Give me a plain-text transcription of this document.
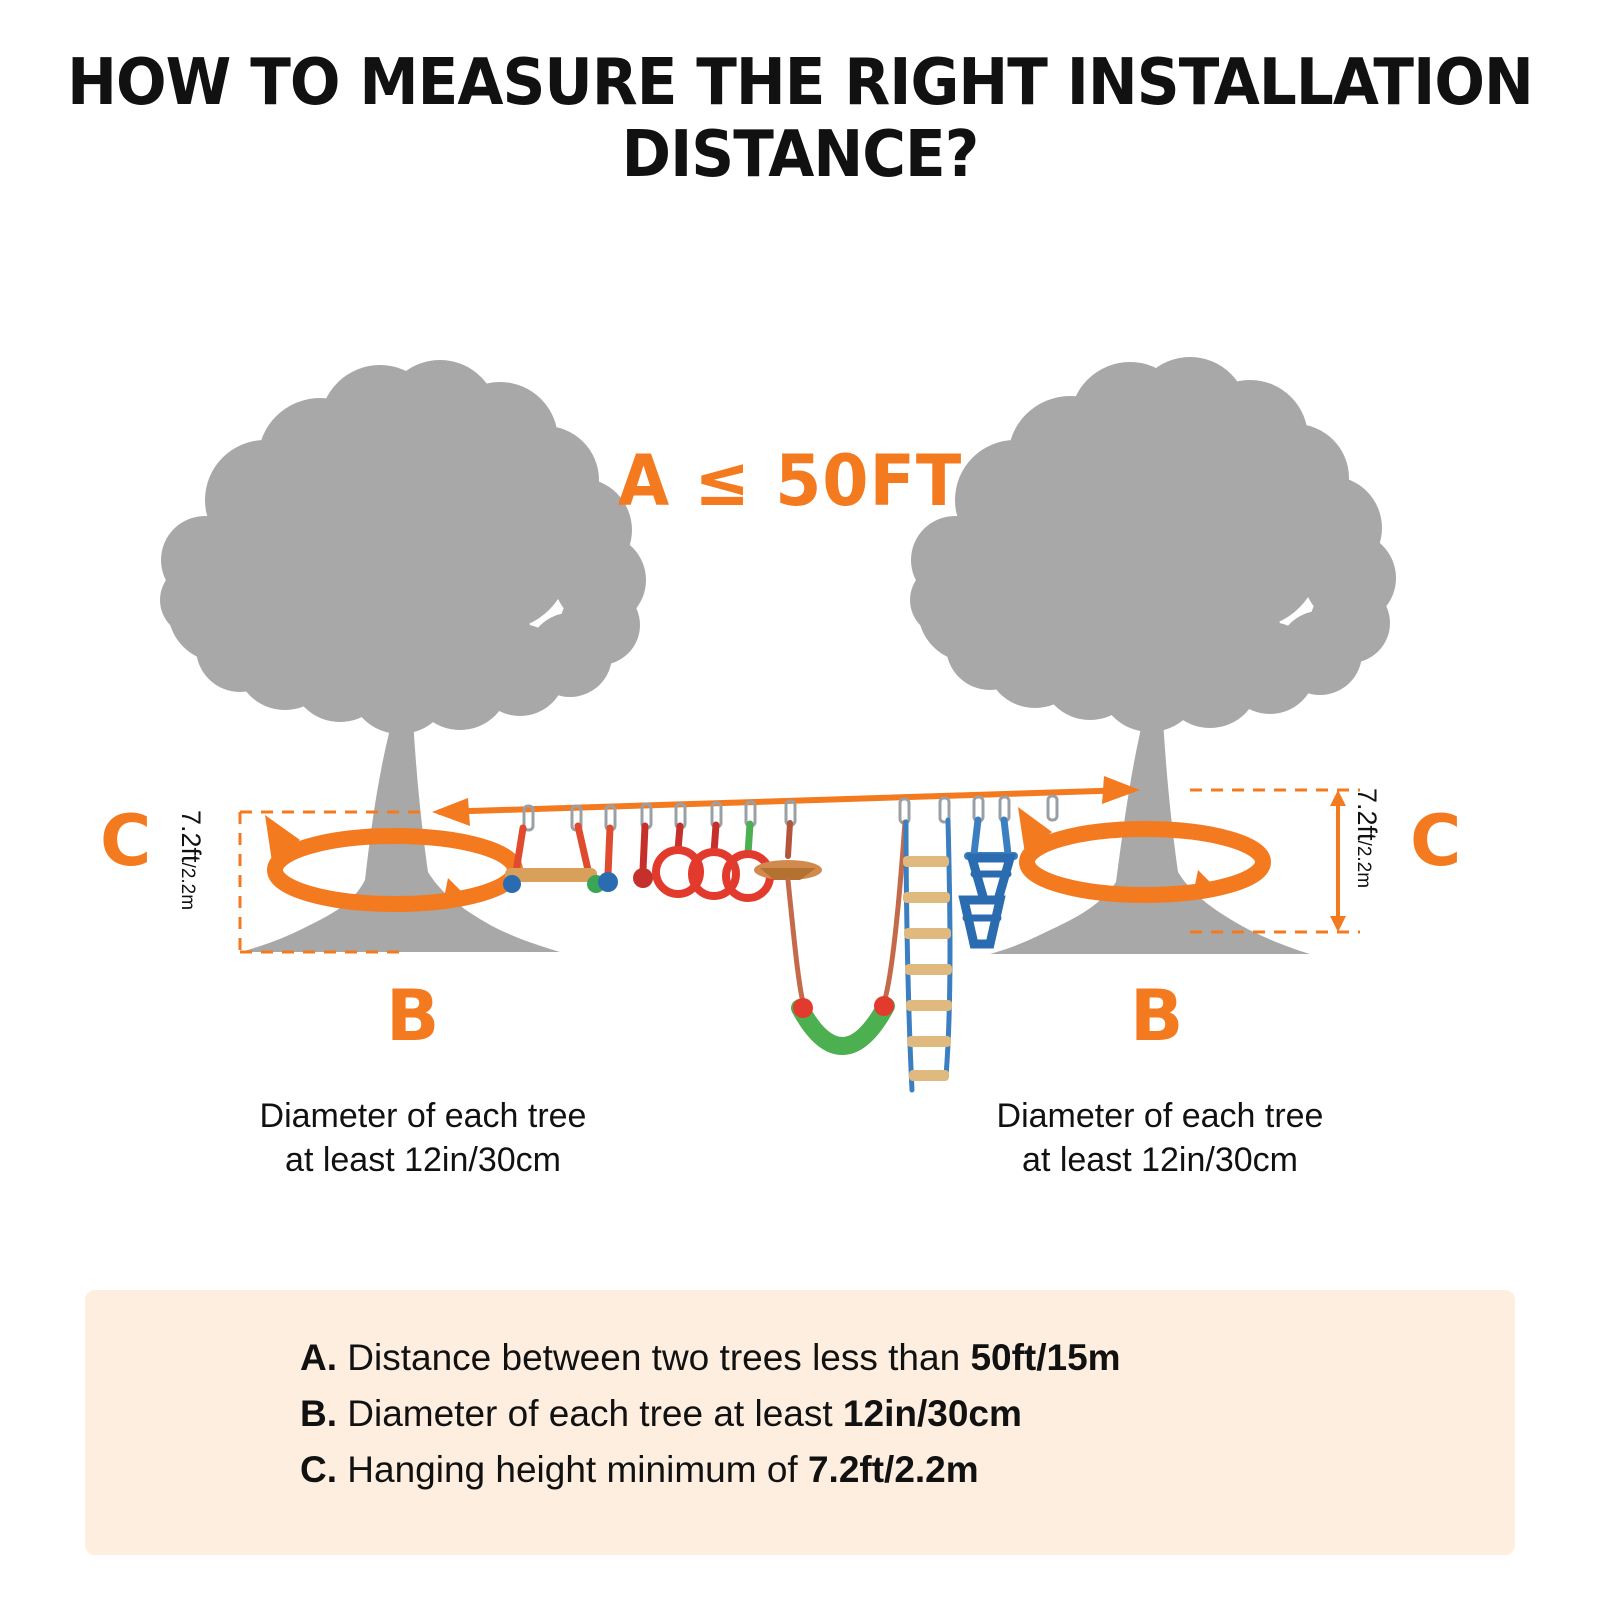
HOW TO MEASURE THE RIGHT INSTALLATION DISTANCE?
A ≤ 50FT
C	C
B	B
7.2ft/2.2m
7.2ft/2.2m
Diameter of each tree
at least 12in/30cm
Diameter of each tree
at least 12in/30cm
A. Distance between two trees less than 50ft/15m
B. Diameter of each tree at least 12in/30cm
C. Hanging height minimum of 7.2ft/2.2m
